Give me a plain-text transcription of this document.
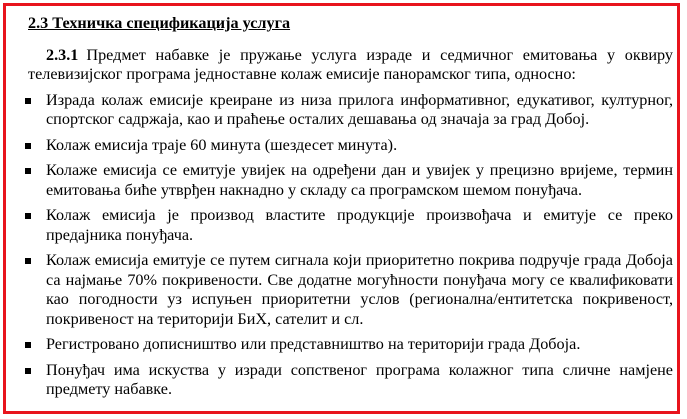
2.3 Техничка спецификација услуга

2.3.1 Предмет набавке је пружање услуга израде и седмичног емитовања у оквиру телевизијског програма једноставне колаж емисије панорамског типа, односно:

Израда колаж емисије креиране из низа прилога информативног, едукативог, културног, спортског садржаја, као и праћење осталих дешавања од значаја за град Добој.
Колаж емисија траје 60 минута (шездесет минута).
Колаже емисија се емитује увијек на одређени дан и увијек у прецизно вријеме, термин емитовања биће утврђен накнадно у складу са програмском шемом понуђача.
Колаж емисија је производ властите продукције произвођача и емитује се преко предајника понуђача.
Колаж емисија емитује се путем сигнала који приоритетно покрива подручје града Добоја са најмање 70% покривености. Све додатне могућности понуђача могу се квалификовати као погодности уз испуњен приоритетни услов (регионална/ентитетска покривеност, покривеност на територији БиХ, сателит и сл.
Регистровано дописништво или представништво на територији града Добоја.
Понуђач има искуства у изради сопственог програма колажног типа сличне намјене предмету набавке.
